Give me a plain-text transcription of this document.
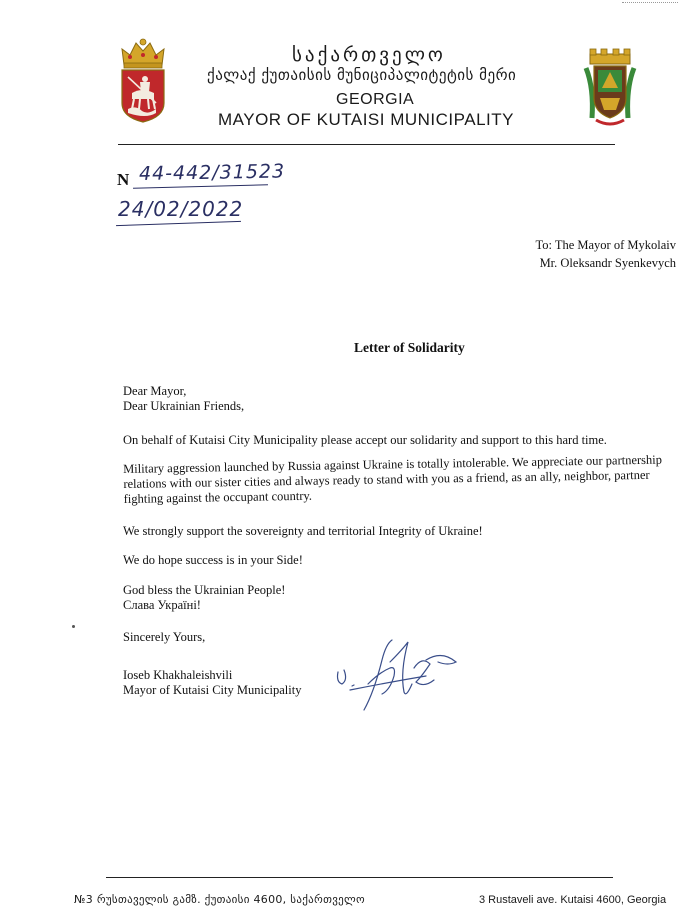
საქართველო
ქალაქ ქუთაისის მუნიციპალიტეტის მერი
GEORGIA
MAYOR OF KUTAISI MUNICIPALITY
N 44-442/31523
24/02/2022
To: The Mayor of Mykolaiv
Mr. Oleksandr Syenkevych
Letter of Solidarity
Dear Mayor,
Dear Ukrainian Friends,
On behalf of Kutaisi City Municipality please accept our solidarity and support to this hard time.
Military aggression launched by Russia against Ukraine is totally intolerable. We appreciate our partnership relations with our sister cities and always ready to stand with you as a friend, as an ally, neighbor, partner fighting against the occupant country.
We strongly support the sovereignty and territorial Integrity of Ukraine!
We do hope success is in your Side!
God bless the Ukrainian People!
Слава Україні!
Sincerely Yours,
Ioseb Khakhaleishvili
Mayor of Kutaisi City Municipality
№3 რუსთაველის გამზ. ქუთაისი 4600, საქართველო	3 Rustaveli ave. Kutaisi 4600, Georgia
